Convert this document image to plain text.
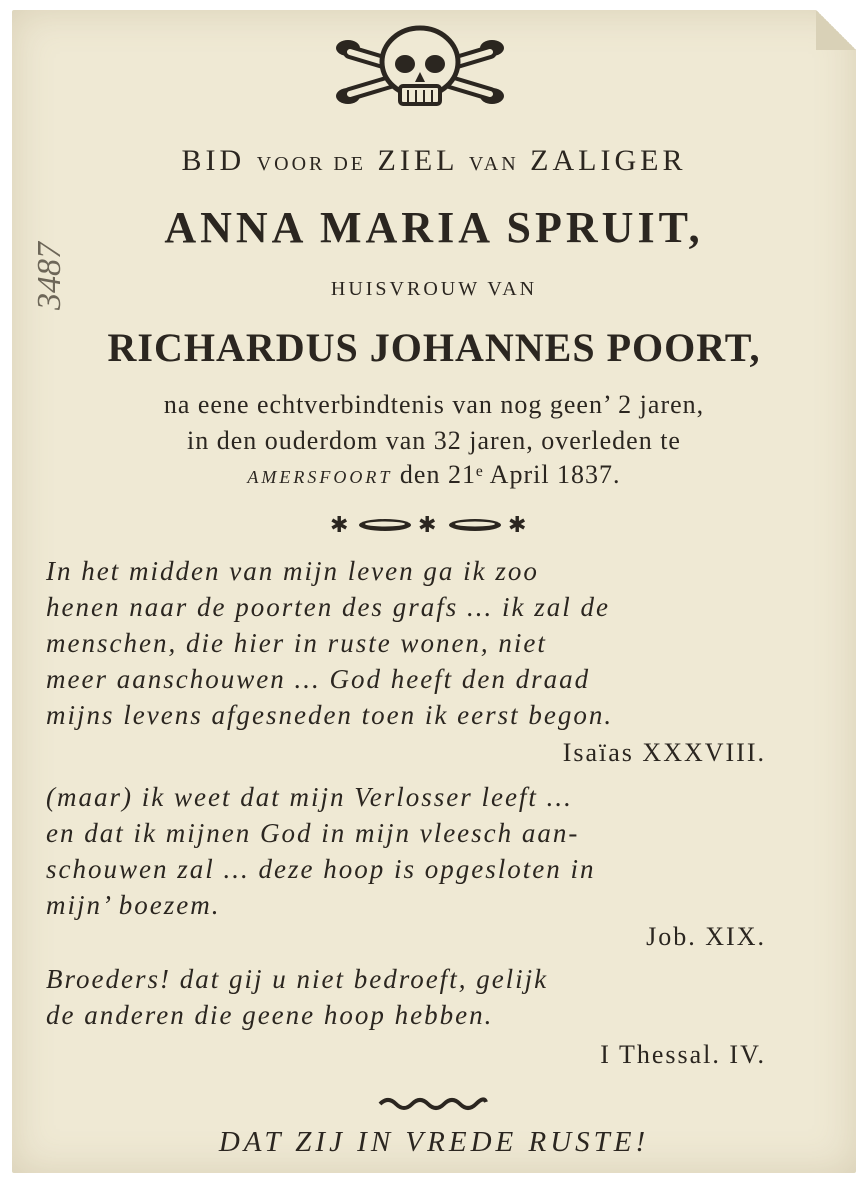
BID VOOR DE ZIEL VAN ZALIGER
ANNA MARIA SPRUIT,
HUISVROUW VAN
RICHARDUS JOHANNES POORT,
na eene echtverbindtenis van nog geen’ 2 jaren,
in den ouderdom van 32 jaren, overleden te
AMERSFOORT den 21ᵉ April 1837.
✱	✱	✱
In het midden van mijn leven ga ik zoo
henen naar de poorten des grafs ... ik zal de
menschen, die hier in ruste wonen, niet
meer aanschouwen ... God heeft den draad
mijns levens afgesneden toen ik eerst begon.
Isaïas XXXVIII.
(maar) ik weet dat mijn Verlosser leeft ...
en dat ik mijnen God in mijn vleesch aan-
schouwen zal ... deze hoop is opgesloten in
mijn’ boezem.
Job. XIX.
Broeders! dat gij u niet bedroeft, gelijk
de anderen die geene hoop hebben.
I Thessal. IV.
DAT ZIJ IN VREDE RUSTE!
3487
